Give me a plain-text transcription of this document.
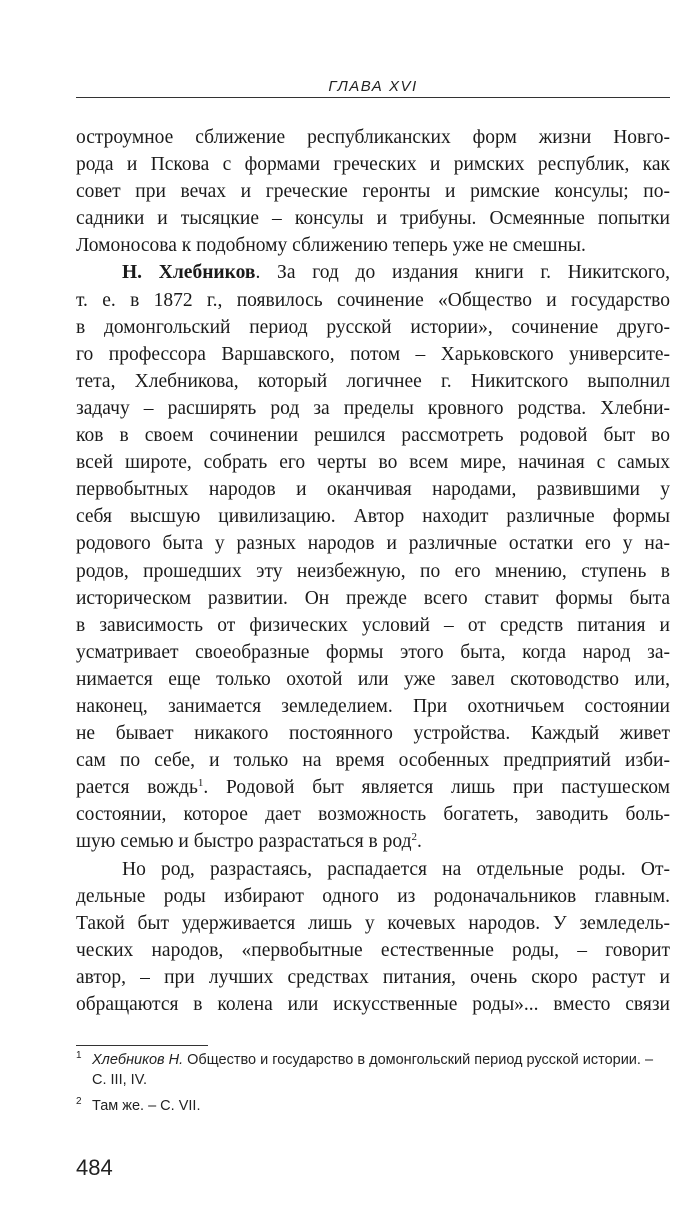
ГЛАВА XVI
остроумное сближение республиканских форм жизни Новго-
рода и Пскова с формами греческих и римских республик, как
совет при вечах и греческие геронты и римские консулы; по-
садники и тысяцкие – консулы и трибуны. Осмеянные попытки
Ломоносова к подобному сближению теперь уже не смешны.
Н. Хлебников. За год до издания книги г. Никитского,
т. е. в 1872 г., появилось сочинение «Общество и государство
в домонгольский период русской истории», сочинение друго-
го профессора Варшавского, потом – Харьковского университе-
тета, Хлебникова, который логичнее г. Никитского выполнил
задачу – расширять род за пределы кровного родства. Хлебни-
ков в своем сочинении решился рассмотреть родовой быт во
всей широте, собрать его черты во всем мире, начиная с самых
первобытных народов и оканчивая народами, развившими у
себя высшую цивилизацию. Автор находит различные формы
родового быта у разных народов и различные остатки его у на-
родов, прошедших эту неизбежную, по его мнению, ступень в
историческом развитии. Он прежде всего ставит формы быта
в зависимость от физических условий – от средств питания и
усматривает своеобразные формы этого быта, когда народ за-
нимается еще только охотой или уже завел скотоводство или,
наконец, занимается земледелием. При охотничьем состоянии
не бывает никакого постоянного устройства. Каждый живет
сам по себе, и только на время особенных предприятий изби-
рается вождь$^1$. Родовой быт является лишь при пастушеском
состоянии, которое дает возможность богатеть, заводить боль-
шую семью и быстро разрастаться в род$^2$.
Но род, разрастаясь, распадается на отдельные роды. От-
дельные роды избирают одного из родоначальников главным.
Такой быт удерживается лишь у кочевых народов. У земледель-
ческих народов, «первобытные естественные роды, – говорит
автор, – при лучших средствах питания, очень скоро растут и
обращаются в колена или искусственные роды»... вместо связи
1 Хлебников Н. Общество и государство в домонгольский период русской истории. – С. III, IV.
2 Там же. – С. VII.
484
